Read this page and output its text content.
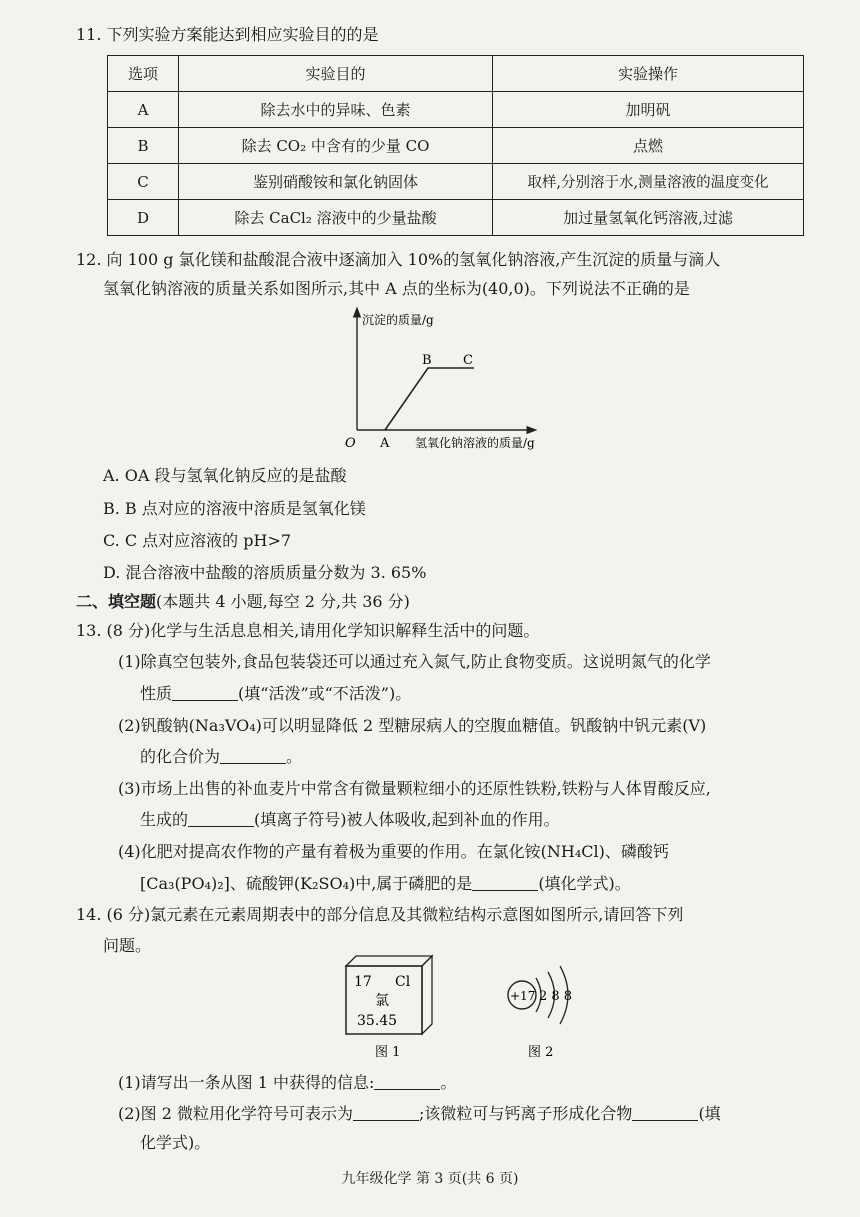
11. 下列实验方案能达到相应实验目的的是
选项	实验目的	实验操作
A	除去水中的异味、色素	加明矾
B	除去 CO₂ 中含有的少量 CO	点燃
C	鉴别硝酸铵和氯化钠固体	取样,分别溶于水,测量溶液的温度变化
D	除去 CaCl₂ 溶液中的少量盐酸	加过量氢氧化钙溶液,过滤
12. 向 100 g 氯化镁和盐酸混合液中逐滴加入 10%的氢氧化钠溶液,产生沉淀的质量与滴人
氢氧化钠溶液的质量关系如图所示,其中 A 点的坐标为(40,0)。下列说法不正确的是
沉淀的质量/g
氢氧化钠溶液的质量/g
O A
B C
17 Cl
氯
35.45
图 1
+17 2 8 8
图 2
A. OA 段与氢氧化钠反应的是盐酸
B. B 点对应的溶液中溶质是氢氧化镁
C. C 点对应溶液的 pH>7
D. 混合溶液中盐酸的溶质质量分数为 3. 65%
二、填空题(本题共 4 小题,每空 2 分,共 36 分)
13. (8 分)化学与生活息息相关,请用化学知识解释生活中的问题。
(1)除真空包装外,食品包装袋还可以通过充入氮气,防止食物变质。这说明氮气的化学
性质	(填“活泼”或“不活泼”)。
(2)钒酸钠(Na₃VO₄)可以明显降低 2 型糖尿病人的空腹血糖值。钒酸钠中钒元素(V)
的化合价为	。
(3)市场上出售的补血麦片中常含有微量颗粒细小的还原性铁粉,铁粉与人体胃酸反应,
生成的	(填离子符号)被人体吸收,起到补血的作用。
(4)化肥对提高农作物的产量有着极为重要的作用。在氯化铵(NH₄Cl)、磷酸钙
[Ca₃(PO₄)₂]、硫酸钾(K₂SO₄)中,属于磷肥的是	(填化学式)。
14. (6 分)氯元素在元素周期表中的部分信息及其微粒结构示意图如图所示,请回答下列
问题。
(1)请写出一条从图 1 中获得的信息:	。
(2)图 2 微粒用化学符号可表示为	;该微粒可与钙离子形成化合物	(填
化学式)。
九年级化学 第 3 页(共 6 页)
